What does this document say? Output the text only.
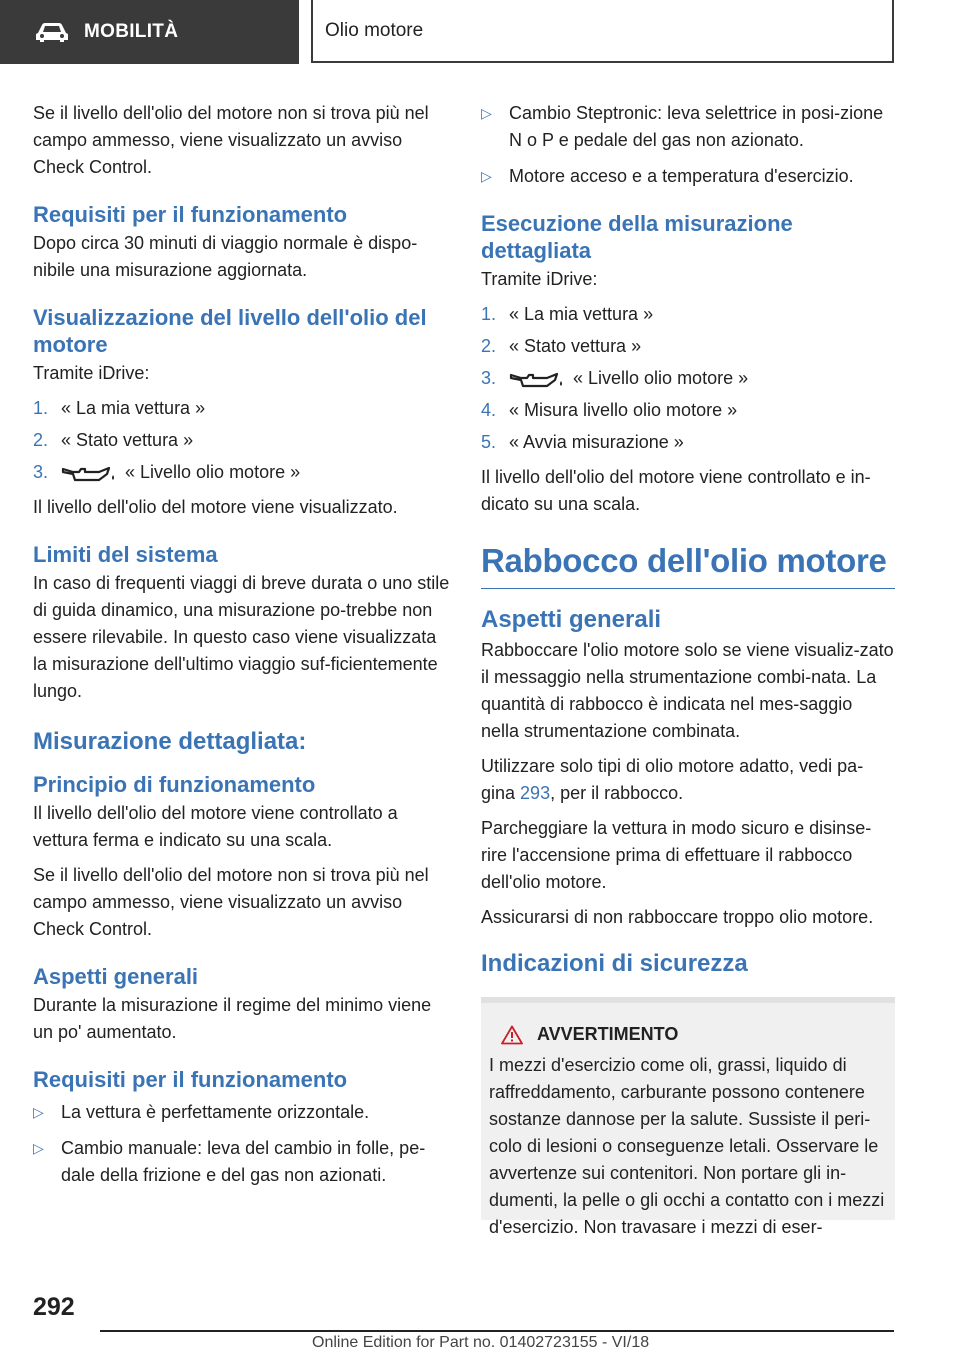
MOBILITÀ	Olio motore

Se il livello dell'olio del motore non si trova più nel campo ammesso, viene visualizzato un avviso Check Control.

Requisiti per il funzionamento

Dopo circa 30 minuti di viaggio normale è dispo-nibile una misurazione aggiornata.

Visualizzazione del livello dell'olio del motore

Tramite iDrive:

1. « La mia vettura »
2. « Stato vettura »
3.	« Livello olio motore »

Il livello dell'olio del motore viene visualizzato.

Limiti del sistema

In caso di frequenti viaggi di breve durata o uno stile di guida dinamico, una misurazione po-trebbe non essere rilevabile. In questo caso viene visualizzata la misurazione dell'ultimo viaggio suf-ficientemente lungo.

Misurazione dettagliata:
Principio di funzionamento

Il livello dell'olio del motore viene controllato a vettura ferma e indicato su una scala.

Se il livello dell'olio del motore non si trova più nel campo ammesso, viene visualizzato un avviso Check Control.

Aspetti generali

Durante la misurazione il regime del minimo viene un po' aumentato.

Requisiti per il funzionamento
▷ La vettura è perfettamente orizzontale.
▷ Cambio manuale: leva del cambio in folle, pe-dale della frizione e del gas non azionati.
▷ Cambio Steptronic: leva selettrice in posi-zione N o P e pedale del gas non azionato.
▷ Motore acceso e a temperatura d'esercizio.
Esecuzione della misurazione dettagliata

Tramite iDrive:

1. « La mia vettura »
2. « Stato vettura »
3.	« Livello olio motore »
4. « Misura livello olio motore »
5. « Avvia misurazione »

Il livello dell'olio del motore viene controllato e in-dicato su una scala.

Rabbocco dell'olio motore
Aspetti generali

Rabboccare l'olio motore solo se viene visualiz-zato il messaggio nella strumentazione combi-nata. La quantità di rabbocco è indicata nel mes-saggio nella strumentazione combinata.

Utilizzare solo tipi di olio motore adatto, vedi pa-gina 293, per il rabbocco.

Parcheggiare la vettura in modo sicuro e disinse-rire l'accensione prima di effettuare il rabbocco dell'olio motore.

Assicurarsi di non rabboccare troppo olio motore.

Indicazioni di sicurezza
AVVERTIMENTO

I mezzi d'esercizio come oli, grassi, liquido di raffreddamento, carburante possono contenere sostanze dannose per la salute. Sussiste il peri-colo di lesioni o conseguenze letali. Osservare le avvertenze sui contenitori. Non portare gli in-dumenti, la pelle o gli occhi a contatto con i mezzi d'esercizio. Non travasare i mezzi di eser-

292
Online Edition for Part no. 01402723155 - VI/18
